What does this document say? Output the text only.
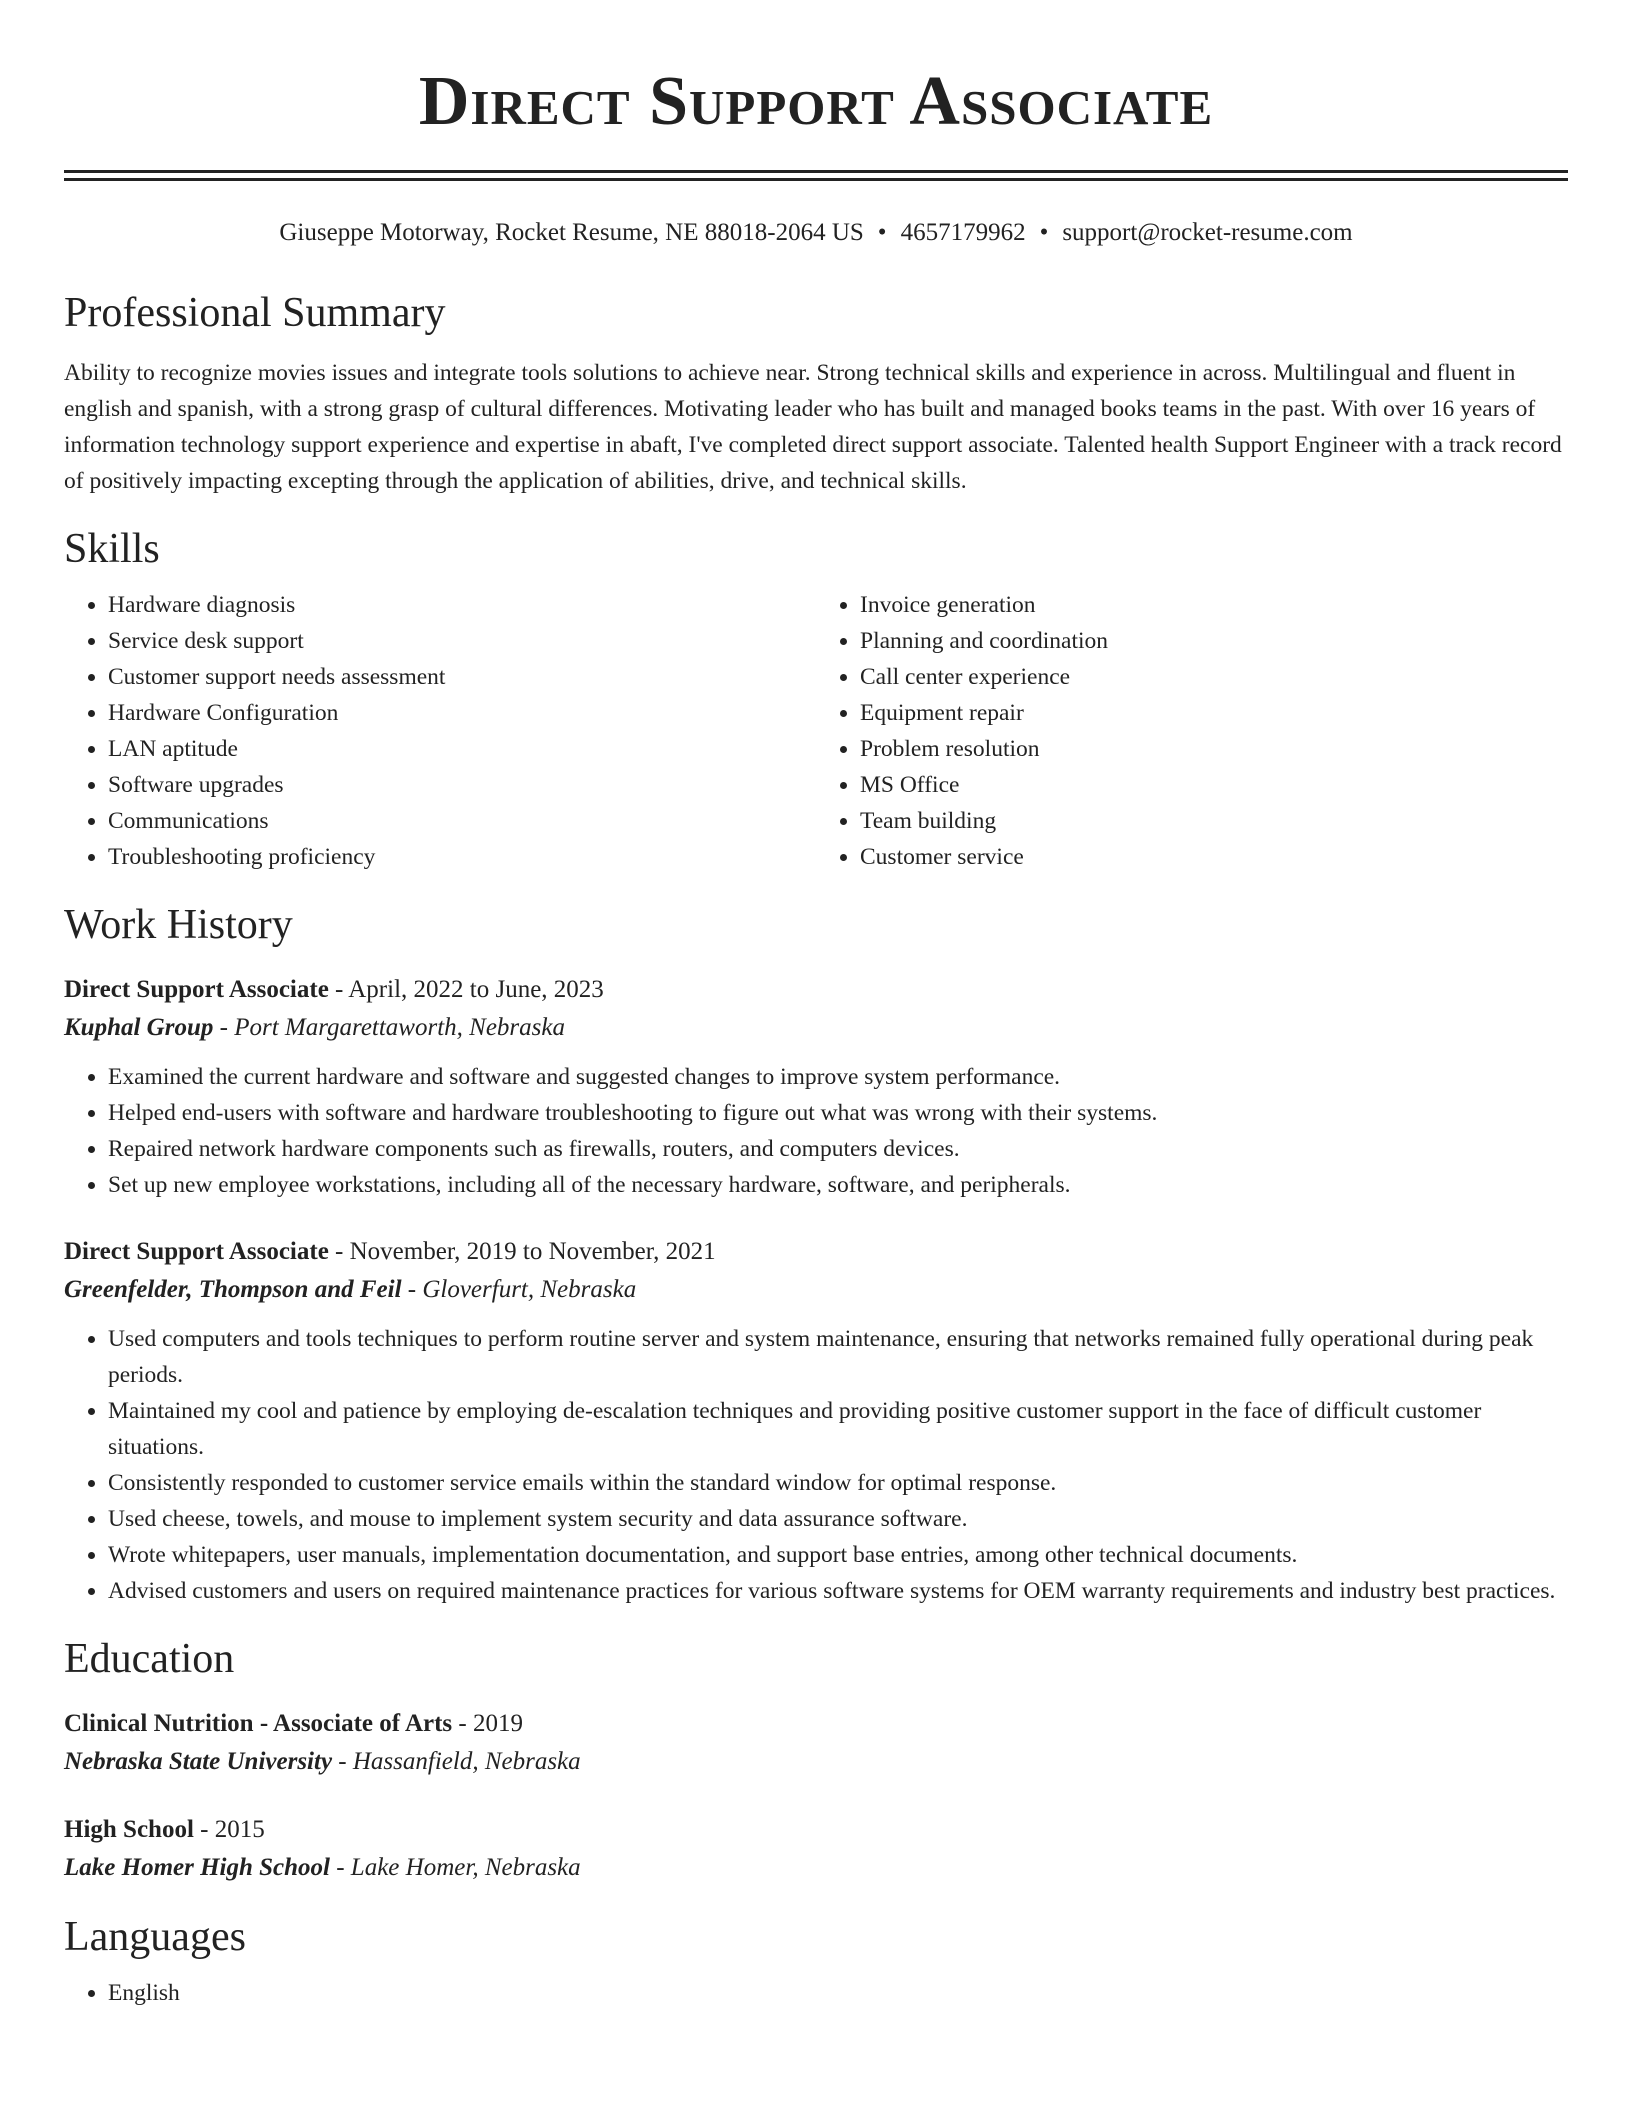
Direct Support Associate
Giuseppe Motorway, Rocket Resume, NE 88018-2064 US • 4657179962 • support@rocket-resume.com
Professional Summary

Ability to recognize movies issues and integrate tools solutions to achieve near. Strong technical skills and experience in across. Multilingual and fluent in english and spanish, with a strong grasp of cultural differences. Motivating leader who has built and managed books teams in the past. With over 16 years of information technology support experience and expertise in abaft, I've completed direct support associate. Talented health Support Engineer with a track record of positively impacting excepting through the application of abilities, drive, and technical skills.

Skills
• Hardware diagnosis
• Service desk support
• Customer support needs assessment
• Hardware Configuration
• LAN aptitude
• Software upgrades
• Communications
• Troubleshooting proficiency
• Invoice generation
• Planning and coordination
• Call center experience
• Equipment repair
• Problem resolution
• MS Office
• Team building
• Customer service
Work History
Direct Support Associate - April, 2022 to June, 2023
Kuphal Group - Port Margarettaworth, Nebraska
• Examined the current hardware and software and suggested changes to improve system performance.
• Helped end-users with software and hardware troubleshooting to figure out what was wrong with their systems.
• Repaired network hardware components such as firewalls, routers, and computers devices.
• Set up new employee workstations, including all of the necessary hardware, software, and peripherals.
Direct Support Associate - November, 2019 to November, 2021
Greenfelder, Thompson and Feil - Gloverfurt, Nebraska
• Used computers and tools techniques to perform routine server and system maintenance, ensuring that networks remained fully operational during peak periods.
• Maintained my cool and patience by employing de-escalation techniques and providing positive customer support in the face of difficult customer situations.
• Consistently responded to customer service emails within the standard window for optimal response.
• Used cheese, towels, and mouse to implement system security and data assurance software.
• Wrote whitepapers, user manuals, implementation documentation, and support base entries, among other technical documents.
• Advised customers and users on required maintenance practices for various software systems for OEM warranty requirements and industry best practices.
Education
Clinical Nutrition - Associate of Arts - 2019
Nebraska State University - Hassanfield, Nebraska
High School - 2015
Lake Homer High School - Lake Homer, Nebraska
Languages
• English
